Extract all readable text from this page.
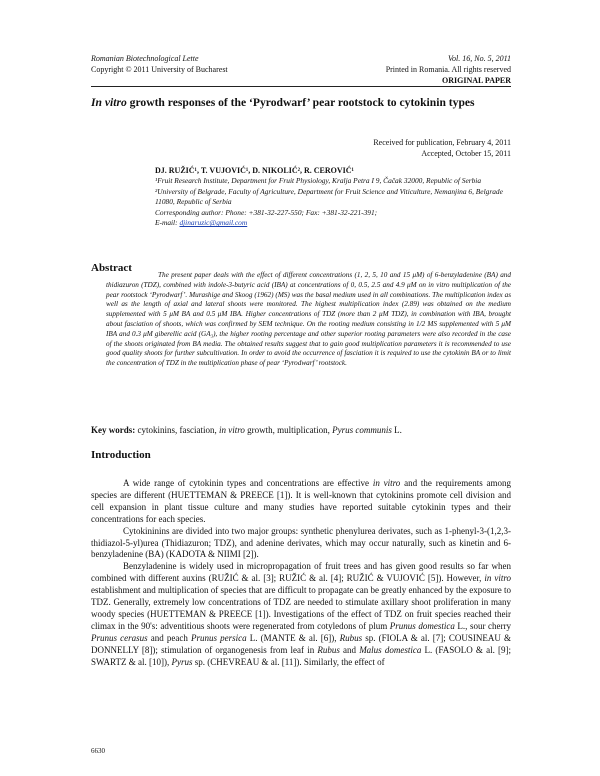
Romanian Biotechnological Lette
Copyright © 2011 University of Bucharest
Vol. 16, No. 5, 2011
Printed in Romania. All rights reserved
ORIGINAL PAPER
In vitro growth responses of the ‘Pyrodwarf’ pear rootstock to cytokinin types
Received for publication, February 4, 2011
Accepted, October 15, 2011
DJ. RUŽIĆ¹, T. VUJOVIĆ¹, D. NIKOLIĆ², R. CEROVIĆ¹
¹Fruit Research Institute, Department for Fruit Physiology, Kralja Petra I 9, Čačak 32000, Republic of Serbia
²University of Belgrade, Faculty of Agriculture, Department for Fruit Science and Viticulture, Nemanjina 6, Belgrade 11080, Republic of Serbia
Corresponding author: Phone: +381-32-227-550; Fax: +381-32-221-391;
E-mail: djinaruzic@gmail.com
Abstract
The present paper deals with the effect of different concentrations (1, 2, 5, 10 and 15 μM) of 6-benzyladenine (BA) and thidiazuron (TDZ), combined with indole-3-butyric acid (IBA) at concentrations of 0, 0.5, 2.5 and 4.9 μM on in vitro multiplication of the pear rootstock ‘Pyrodwarf’. Murashige and Skoog (1962) (MS) was the basal medium used in all combinations. The multiplication index as well as the length of axial and lateral shoots were monitored. The highest multiplication index (2.89) was obtained on the medium supplemented with 5 μM BA and 0.5 μM IBA. Higher concentrations of TDZ (more than 2 μM TDZ), in combination with IBA, brought about fasciation of shoots, which was confirmed by SEM technique. On the rooting medium consisting in 1/2 MS supplemented with 5 μM IBA and 0.3 μM giberellic acid (GA₃), the higher rooting percentage and other superior rooting parameters were also recorded in the case of the shoots originated from BA media. The obtained results suggest that to gain good multiplication parameters it is recommended to use good quality shoots for further subcultivation. In order to avoid the occurrence of fasciation it is required to use the cytokinin BA or to limit the concentration of TDZ in the multiplication phase of pear ‘Pyrodwarf’ rootstock.
Key words: cytokinins, fasciation, in vitro growth, multiplication, Pyrus communis L.
Introduction

A wide range of cytokinin types and concentrations are effective in vitro and the requirements among species are different (HUETTEMAN & PREECE [1]). It is well-known that cytokinins promote cell division and cell expansion in plant tissue culture and many studies have reported suitable cytokinin types and their concentrations for each species.

Cytokininins are divided into two major groups: synthetic phenylurea derivates, such as 1-phenyl-3-(1,2,3-thidiazol-5-yl)urea (Thidiazuron; TDZ), and adenine derivates, which may occur naturally, such as kinetin and 6-benzyladenine (BA) (KADOTA & NIIMI [2]).

Benzyladenine is widely used in micropropagation of fruit trees and has given good results so far when combined with different auxins (RUŽIĆ & al. [3]; RUŽIĆ & al. [4]; RUŽIĆ & VUJOVIĆ [5]). However, in vitro establishment and multiplication of species that are difficult to propagate can be greatly enhanced by the exposure to TDZ. Generally, extremely low concentrations of TDZ are needed to stimulate axillary shoot proliferation in many woody species (HUETTEMAN & PREECE [1]). Investigations of the effect of TDZ on fruit species reached their climax in the 90's: adventitious shoots were regenerated from cotyledons of plum Prunus domestica L., sour cherry Prunus cerasus and peach Prunus persica L. (MANTE & al. [6]), Rubus sp. (FIOLA & al. [7]; COUSINEAU & DONNELLY [8]); stimulation of organogenesis from leaf in Rubus and Malus domestica L. (FASOLO & al. [9]; SWARTZ & al. [10]), Pyrus sp. (CHEVREAU & al. [11]). Similarly, the effect of

6630
